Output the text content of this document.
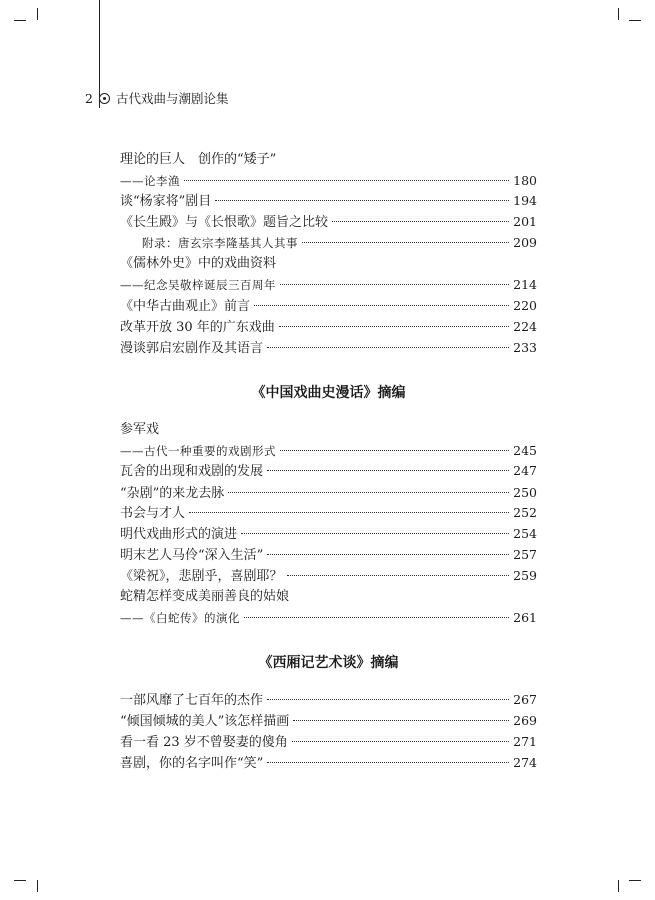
2	古代戏曲与潮剧论集
理论的巨人　创作的“矮子”
——论李渔	180
谈“杨家将”剧目	194
《长生殿》与《长恨歌》题旨之比较	201
附录：唐玄宗李隆基其人其事	209
《儒林外史》中的戏曲资料
——纪念吴敬梓诞辰三百周年	214
《中华古曲观止》前言	220
改革开放 30 年的广东戏曲	224
漫谈郭启宏剧作及其语言	233
参军戏
——古代一种重要的戏剧形式	245
瓦舍的出现和戏剧的发展	247
“杂剧”的来龙去脉	250
书会与才人	252
明代戏曲形式的演进	254
明末艺人马伶“深入生活”	257
《梁祝》，悲剧乎，喜剧耶？	259
蛇精怎样变成美丽善良的姑娘
——《白蛇传》的演化	261
一部风靡了七百年的杰作	267
“倾国倾城的美人”该怎样描画	269
看一看 23 岁不曾娶妻的傻角	271
喜剧，你的名字叫作“笑”	274
《中国戏曲史漫话》摘编
《西厢记艺术谈》摘编
